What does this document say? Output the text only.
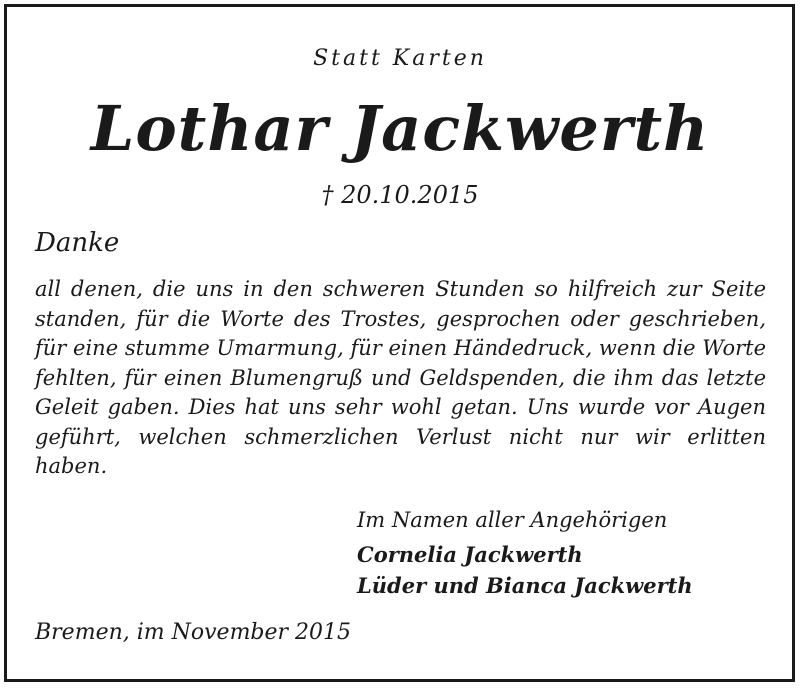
Statt Karten
Lothar Jackwerth
† 20.10.2015
Danke
all denen, die uns in den schweren Stunden so hilfreich zur Seite standen, für die Worte des Trostes, gesprochen oder geschrieben, für eine stumme Umarmung, für einen Händedruck, wenn die Worte fehlten, für einen Blumengruß und Geldspenden, die ihm das letzte Geleit gaben. Dies hat uns sehr wohl getan. Uns wurde vor Augen geführt, welchen schmerzlichen Verlust nicht nur wir erlitten haben.
Im Namen aller Angehörigen
Cornelia Jackwerth
Lüder und Bianca Jackwerth
Bremen, im November 2015
